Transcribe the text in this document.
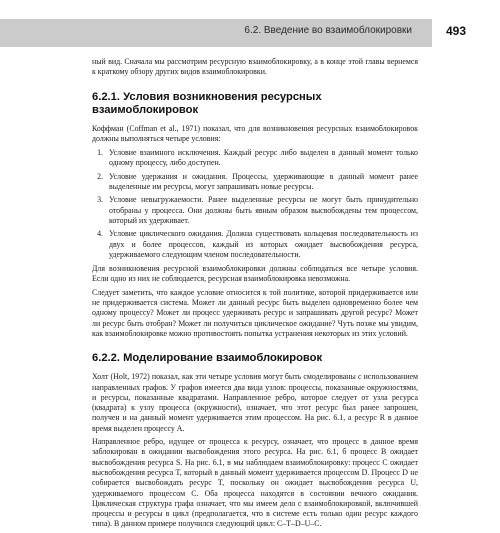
6.2. Введение во взаимоблокировки	493

ный вид. Сначала мы рассмотрим ресурсную взаимоблокировку, а в конце этой главы вернемся к краткому обзору других видов взаимоблокировки.

6.2.1. Условия возникновения ресурсных взаимоблокировок

Коффман (Coffman et al., 1971) показал, что для возникновения ресурсных взаимоблокировок должны выполняться четыре условия:

1. Условие взаимного исключения. Каждый ресурс либо выделен в данный момент только одному процессу, либо доступен.
2. Условие удержания и ожидания. Процессы, удерживающие в данный момент ранее выделенные им ресурсы, могут запрашивать новые ресурсы.
3. Условие невыгружаемости. Ранее выделенные ресурсы не могут быть принудительно отобраны у процесса. Они должны быть явным образом высвобождены тем процессом, который их удерживает.
4. Условие циклического ожидания. Должна существовать кольцевая последовательность из двух и более процессов, каждый из которых ожидает высвобождения ресурса, удерживаемого следующим членом последовательности.

Для возникновения ресурсной взаимоблокировки должны соблюдаться все четыре условия. Если одно из них не соблюдается, ресурсная взаимоблокировка невозможна.

Следует заметить, что каждое условие относится к той политике, которой придерживается или не придерживается система. Может ли данный ресурс быть выделен одновременно более чем одному процессу? Может ли процесс удерживать ресурс и запрашивать другой ресурс? Может ли ресурс быть отобран? Может ли получиться циклическое ожидание? Чуть позже мы увидим, как взаимоблокировке можно противостоять попытка устранения некоторых из этих условий.

6.2.2. Моделирование взаимоблокировок

Холт (Holt, 1972) показал, как эти четыре условия могут быть смоделированы с использованием направленных графов. У графов имеется два вида узлов: процессы, показанные окружностями, и ресурсы, показанные квадратами. Направленное ребро, которое следует от узла ресурса (квадрата) к узлу процесса (окружности), означает, что этот ресурс был ранее запрошен, получен и на данный момент удерживается этим процессом. На рис. 6.1, а ресурс R в данное время выделен процессу A.

Направленное ребро, идущее от процесса к ресурсу, означает, что процесс в данное время заблокирован в ожидании высвобождения этого ресурса. На рис. 6.1, б процесс B ожидает высвобождения ресурса S. На рис. 6.1, в мы наблюдаем взаимоблокировку: процесс C ожидает высвобождения ресурса T, который в данный момент удерживается процессом D. Процесс D не собирается высвобождать ресурс T, поскольку он ожидает высвобождения ресурса U, удерживаемого процессом C. Оба процесса находятся в состоянии вечного ожидания. Циклическая структура графа означает, что мы имеем дело с взаимоблокировкой, включившей процессы и ресурсы в цикл (предполагается, что в системе есть только один ресурс каждого типа). В данном примере получился следующий цикл: C–T–D–U–C.
